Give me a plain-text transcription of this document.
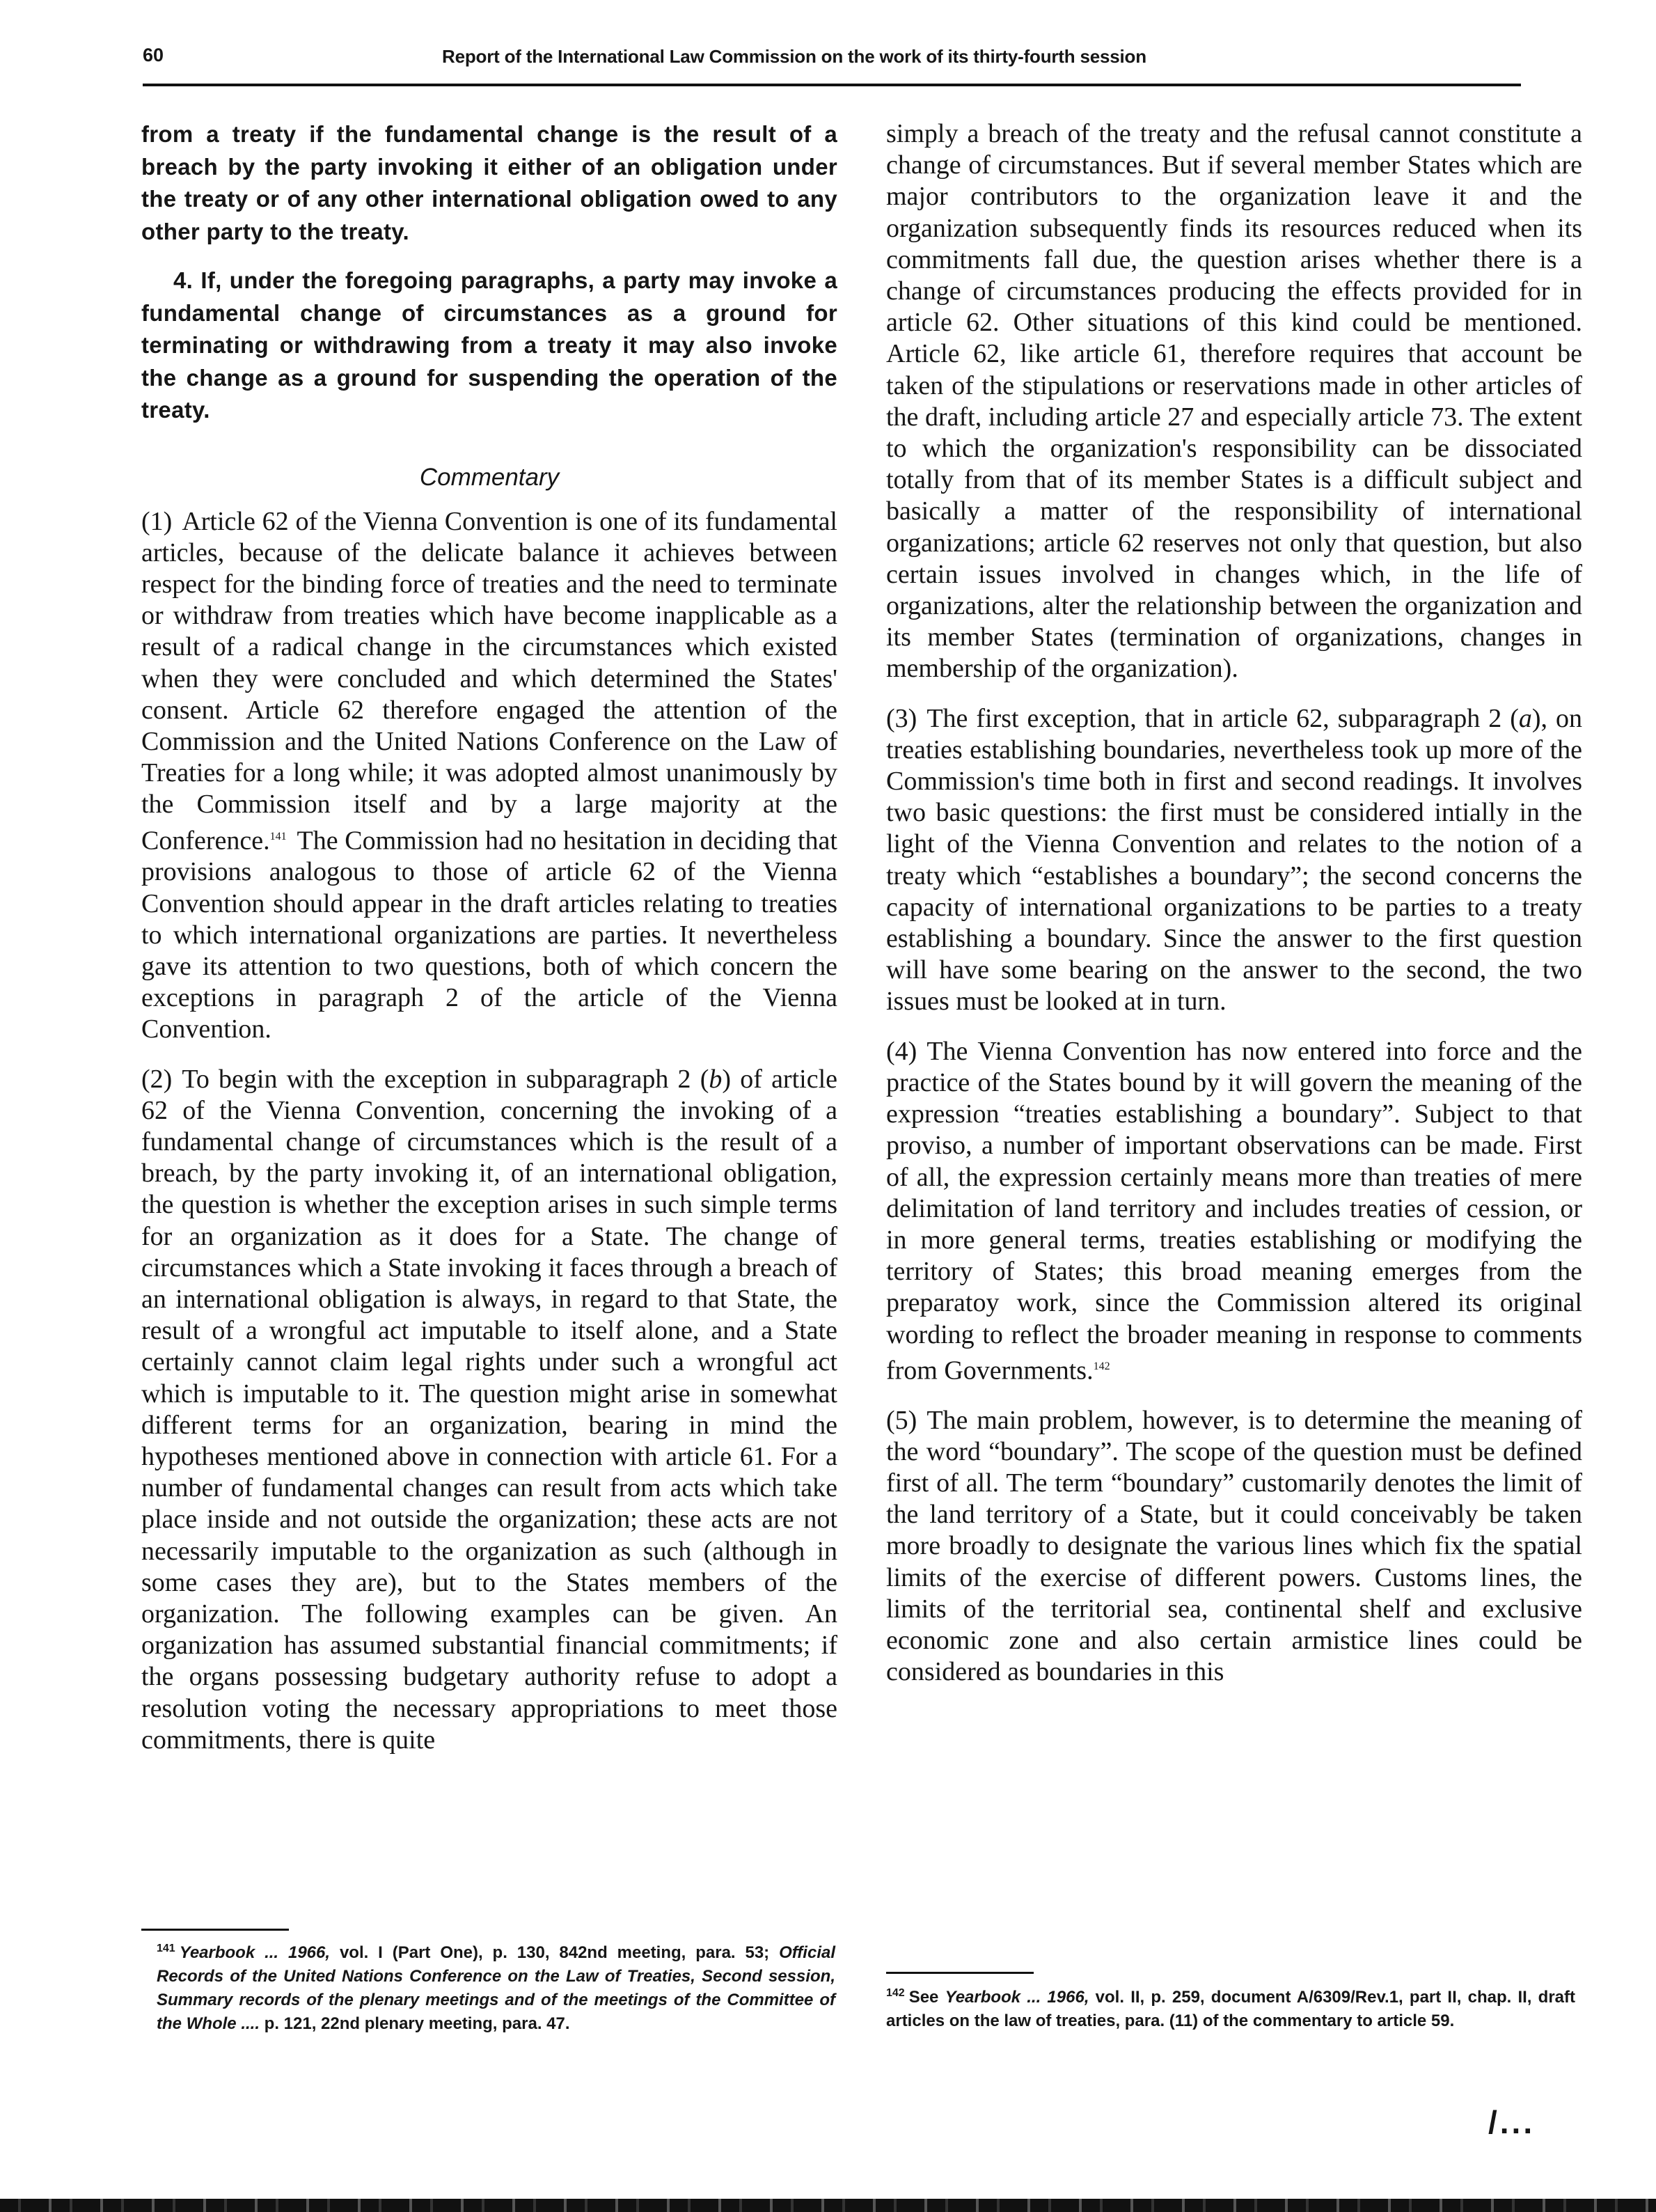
60	Report of the International Law Commission on the work of its thirty-fourth session

from a treaty if the fundamental change is the result of a breach by the party invoking it either of an obligation under the treaty or of any other international obligation owed to any other party to the treaty.

4. If, under the foregoing paragraphs, a party may invoke a fundamental change of circumstances as a ground for terminating or withdrawing from a treaty it may also invoke the change as a ground for suspending the operation of the treaty.

Commentary

(1) Article 62 of the Vienna Convention is one of its fundamental articles, because of the delicate balance it achieves between respect for the binding force of treaties and the need to terminate or withdraw from treaties which have become inapplicable as a result of a radical change in the circumstances which existed when they were concluded and which determined the States' consent. Article 62 therefore engaged the attention of the Commission and the United Nations Conference on the Law of Treaties for a long while; it was adopted almost unanimously by the Commission itself and by a large majority at the Conference.$^{141}$ The Commission had no hesitation in deciding that provisions analogous to those of article 62 of the Vienna Convention should appear in the draft articles relating to treaties to which international organizations are parties. It nevertheless gave its attention to two questions, both of which concern the exceptions in paragraph 2 of the article of the Vienna Convention.

(2) To begin with the exception in subparagraph 2 (b) of article 62 of the Vienna Convention, concerning the invoking of a fundamental change of circumstances which is the result of a breach, by the party invoking it, of an international obligation, the question is whether the exception arises in such simple terms for an organization as it does for a State. The change of circumstances which a State invoking it faces through a breach of an international obligation is always, in regard to that State, the result of a wrongful act imputable to itself alone, and a State certainly cannot claim legal rights under such a wrongful act which is imputable to it. The question might arise in somewhat different terms for an organization, bearing in mind the hypotheses mentioned above in connection with article 61. For a number of fundamental changes can result from acts which take place inside and not outside the organization; these acts are not necessarily imputable to the organization as such (although in some cases they are), but to the States members of the organization. The following examples can be given. An organization has assumed substantial financial commitments; if the organs possessing budgetary authority refuse to adopt a resolution voting the necessary appropriations to meet those commitments, there is quite

$^{141}$ Yearbook ... 1966, vol. I (Part One), p. 130, 842nd meeting, para. 53; Official Records of the United Nations Conference on the Law of Treaties, Second session, Summary records of the plenary meetings and of the meetings of the Committee of the Whole .... p. 121, 22nd plenary meeting, para. 47.

simply a breach of the treaty and the refusal cannot constitute a change of circumstances. But if several member States which are major contributors to the organization leave it and the organization subsequently finds its resources reduced when its commitments fall due, the question arises whether there is a change of circumstances producing the effects provided for in article 62. Other situations of this kind could be mentioned. Article 62, like article 61, therefore requires that account be taken of the stipulations or reservations made in other articles of the draft, including article 27 and especially article 73. The extent to which the organization's responsibility can be dissociated totally from that of its member States is a difficult subject and basically a matter of the responsibility of international organizations; article 62 reserves not only that question, but also certain issues involved in changes which, in the life of organizations, alter the relationship between the organization and its member States (termination of organizations, changes in membership of the organization).

(3) The first exception, that in article 62, subparagraph 2 (a), on treaties establishing boundaries, nevertheless took up more of the Commission's time both in first and second readings. It involves two basic questions: the first must be considered intially in the light of the Vienna Convention and relates to the notion of a treaty which “establishes a boundary”; the second concerns the capacity of international organizations to be parties to a treaty establishing a boundary. Since the answer to the first question will have some bearing on the answer to the second, the two issues must be looked at in turn.

(4) The Vienna Convention has now entered into force and the practice of the States bound by it will govern the meaning of the expression “treaties establishing a boundary”. Subject to that proviso, a number of important observations can be made. First of all, the expression certainly means more than treaties of mere delimitation of land territory and includes treaties of cession, or in more general terms, treaties establishing or modifying the territory of States; this broad meaning emerges from the preparatoy work, since the Commission altered its original wording to reflect the broader meaning in response to comments from Governments.$^{142}$

(5) The main problem, however, is to determine the meaning of the word “boundary”. The scope of the question must be defined first of all. The term “boundary” customarily denotes the limit of the land territory of a State, but it could conceivably be taken more broadly to designate the various lines which fix the spatial limits of the exercise of different powers. Customs lines, the limits of the territorial sea, continental shelf and exclusive economic zone and also certain armistice lines could be considered as boundaries in this

$^{142}$ See Yearbook ... 1966, vol. II, p. 259, document A/6309/Rev.1, part II, chap. II, draft articles on the law of treaties, para. (11) of the commentary to article 59.
/...
